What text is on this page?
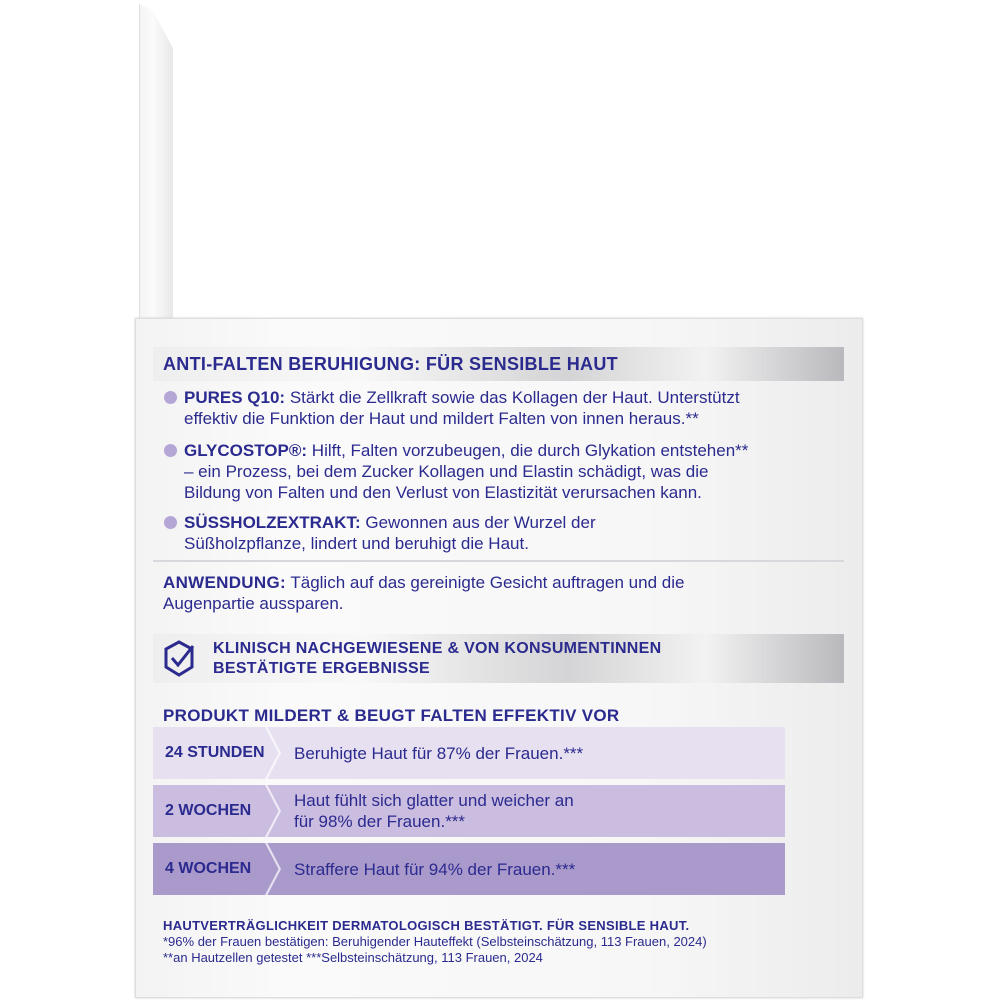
ANTI-FALTEN BERUHIGUNG: FÜR SENSIBLE HAUT
PURES Q10: Stärkt die Zellkraft sowie das Kollagen der Haut. Unterstützt
effektiv die Funktion der Haut und mildert Falten von innen heraus.**
GLYCOSTOP®: Hilft, Falten vorzubeugen, die durch Glykation entstehen**
– ein Prozess, bei dem Zucker Kollagen und Elastin schädigt, was die
Bildung von Falten und den Verlust von Elastizität verursachen kann.
SÜSSHOLZEXTRAKT: Gewonnen aus der Wurzel der
Süßholzpflanze, lindert und beruhigt die Haut.
ANWENDUNG: Täglich auf das gereinigte Gesicht auftragen und die
Augenpartie aussparen.
KLINISCH NACHGEWIESENE & VON KONSUMENTINNEN
BESTÄTIGTE ERGEBNISSE
PRODUKT MILDERT & BEUGT FALTEN EFFEKTIV VOR
24 STUNDEN Beruhigte Haut für 87% der Frauen.***
2 WOCHEN
Haut fühlt sich glatter und weicher an
für 98% der Frauen.***
4 WOCHEN	Straffere Haut für 94% der Frauen.***
HAUTVERTRÄGLICHKEIT DERMATOLOGISCH BESTÄTIGT. FÜR SENSIBLE HAUT.
*96% der Frauen bestätigen: Beruhigender Hauteffekt (Selbsteinschätzung, 113 Frauen, 2024)
**an Hautzellen getestet ***Selbsteinschätzung, 113 Frauen, 2024
